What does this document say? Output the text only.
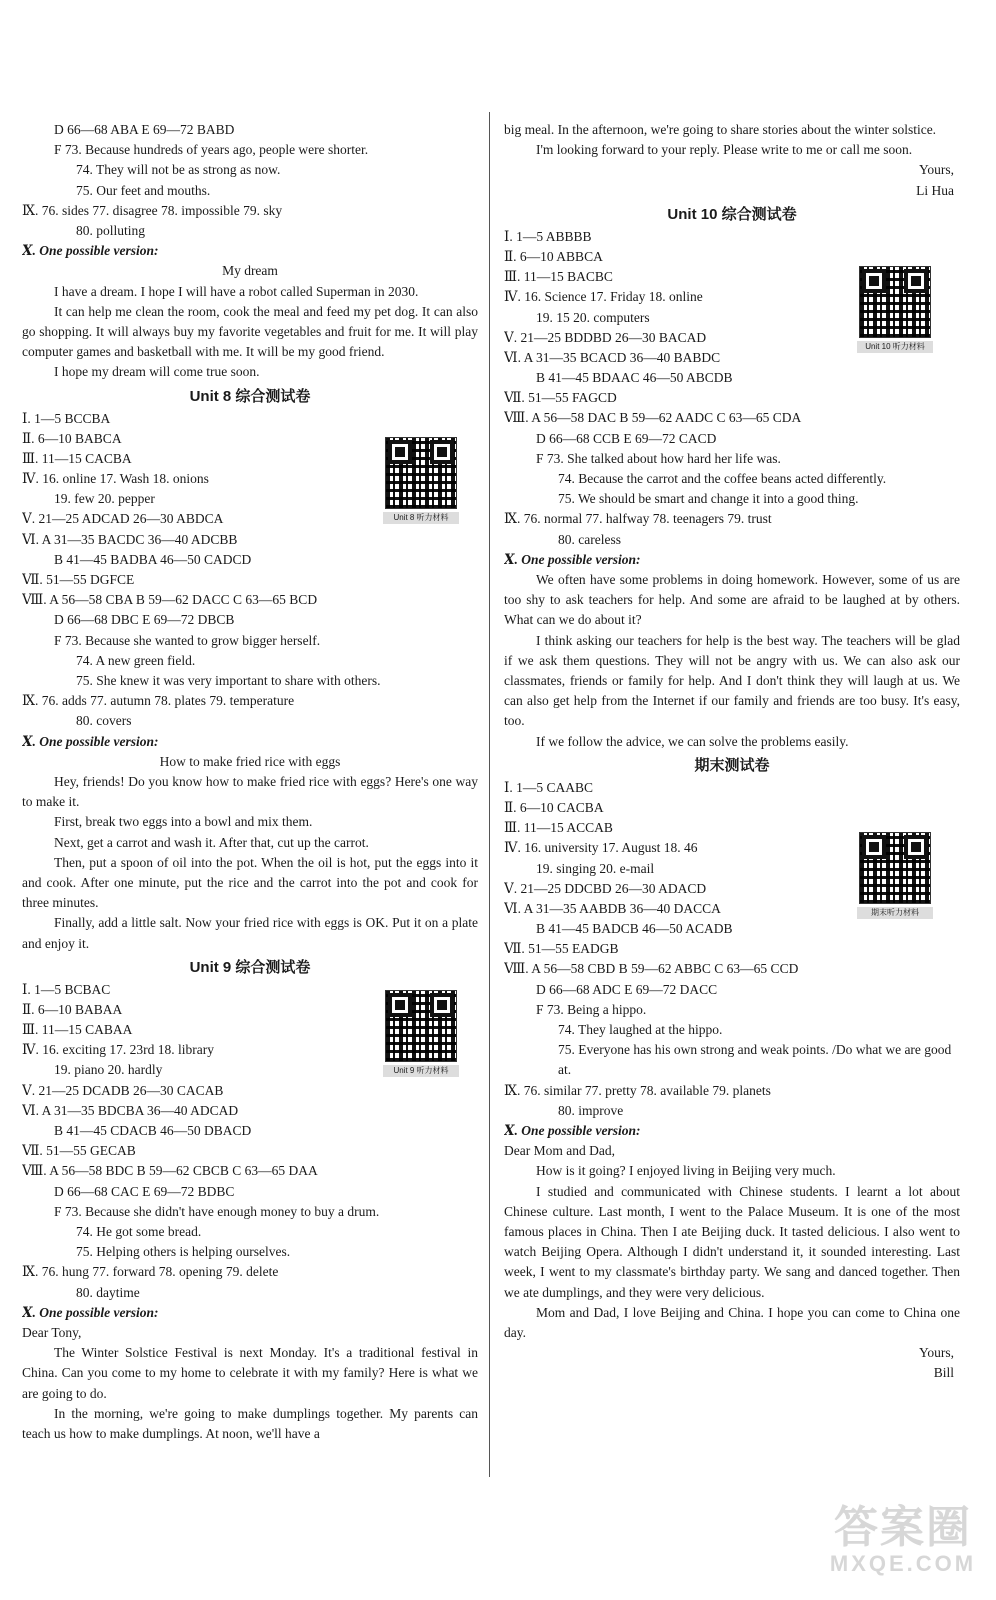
D 66—68 ABA E 69—72 BABD
F 73. Because hundreds of years ago, people were shorter.
74. They will not be as strong as now.
75. Our feet and mouths.
Ⅸ. 76. sides 77. disagree 78. impossible 79. sky
80. polluting
Ⅹ. One possible version:
My dream
I have a dream. I hope I will have a robot called Superman in 2030.
It can help me clean the room, cook the meal and feed my pet dog. It can also go shopping. It will always buy my favorite vegetables and fruit for me. It will play computer games and basketball with me. It will be my good friend.
I hope my dream will come true soon.
Unit 8 综合测试卷
Ⅰ. 1—5 BCCBA
Ⅱ. 6—10 BABCA
Ⅲ. 11—15 CACBA
Ⅳ. 16. online 17. Wash 18. onions
19. few 20. pepper
Ⅴ. 21—25 ADCAD 26—30 ABDCA
Ⅵ. A 31—35 BACDC 36—40 ADCBB
B 41—45 BADBA 46—50 CADCD
Ⅶ. 51—55 DGFCE
Ⅷ. A 56—58 CBA B 59—62 DACC C 63—65 BCD
D 66—68 DBC E 69—72 DBCB
F 73. Because she wanted to grow bigger herself.
74. A new green field.
75. She knew it was very important to share with others.
Ⅸ. 76. adds 77. autumn 78. plates 79. temperature
80. covers
Ⅹ. One possible version:
How to make fried rice with eggs
Hey, friends! Do you know how to make fried rice with eggs? Here's one way to make it.
First, break two eggs into a bowl and mix them.
Next, get a carrot and wash it. After that, cut up the carrot.
Then, put a spoon of oil into the pot. When the oil is hot, put the eggs into it and cook. After one minute, put the rice and the carrot into the pot and cook for three minutes.
Finally, add a little salt. Now your fried rice with eggs is OK. Put it on a plate and enjoy it.
Unit 9 综合测试卷
Ⅰ. 1—5 BCBAC
Ⅱ. 6—10 BABAA
Ⅲ. 11—15 CABAA
Ⅳ. 16. exciting 17. 23rd 18. library
19. piano 20. hardly
Ⅴ. 21—25 DCADB 26—30 CACAB
Ⅵ. A 31—35 BDCBA 36—40 ADCAD
B 41—45 CDACB 46—50 DBACD
Ⅶ. 51—55 GECAB
Ⅷ. A 56—58 BDC B 59—62 CBCB C 63—65 DAA
D 66—68 CAC E 69—72 BDBC
F 73. Because she didn't have enough money to buy a drum.
74. He got some bread.
75. Helping others is helping ourselves.
Ⅸ. 76. hung 77. forward 78. opening 79. delete
80. daytime
Ⅹ. One possible version:
Dear Tony,
The Winter Solstice Festival is next Monday. It's a traditional festival in China. Can you come to my home to celebrate it with my family? Here is what we are going to do.
In the morning, we're going to make dumplings together. My parents can teach us how to make dumplings. At noon, we'll have a
big meal. In the afternoon, we're going to share stories about the winter solstice.
I'm looking forward to your reply. Please write to me or call me soon.
Yours,
Li Hua
Unit 10 综合测试卷
Ⅰ. 1—5 ABBBB
Ⅱ. 6—10 ABBCA
Ⅲ. 11—15 BACBC
Ⅳ. 16. Science 17. Friday 18. online
19. 15 20. computers
Ⅴ. 21—25 BDDBD 26—30 BACAD
Ⅵ. A 31—35 BCACD 36—40 BABDC
B 41—45 BDAAC 46—50 ABCDB
Ⅶ. 51—55 FAGCD
Ⅷ. A 56—58 DAC B 59—62 AADC C 63—65 CDA
D 66—68 CCB E 69—72 CACD
F 73. She talked about how hard her life was.
74. Because the carrot and the coffee beans acted differently.
75. We should be smart and change it into a good thing.
Ⅸ. 76. normal 77. halfway 78. teenagers 79. trust
80. careless
Ⅹ. One possible version:
We often have some problems in doing homework. However, some of us are too shy to ask teachers for help. And some are afraid to be laughed at by others. What can we do about it?
I think asking our teachers for help is the best way. The teachers will be glad if we ask them questions. They will not be angry with us. We can also ask our classmates, friends or family for help. And I don't think they will laugh at us. We can also get help from the Internet if our family and friends are too busy. It's easy, too.
If we follow the advice, we can solve the problems easily.
期末测试卷
Ⅰ. 1—5 CAABC
Ⅱ. 6—10 CACBA
Ⅲ. 11—15 ACCAB
Ⅳ. 16. university 17. August 18. 46
19. singing 20. e-mail
Ⅴ. 21—25 DDCBD 26—30 ADACD
Ⅵ. A 31—35 AABDB 36—40 DACCA
B 41—45 BADCB 46—50 ACADB
Ⅶ. 51—55 EADGB
Ⅷ. A 56—58 CBD B 59—62 ABBC C 63—65 CCD
D 66—68 ADC E 69—72 DACC
F 73. Being a hippo.
74. They laughed at the hippo.
75. Everyone has his own strong and weak points. /Do what we are good at.
Ⅸ. 76. similar 77. pretty 78. available 79. planets
80. improve
Ⅹ. One possible version:
Dear Mom and Dad,
How is it going? I enjoyed living in Beijing very much.
I studied and communicated with Chinese students. I learnt a lot about Chinese culture. Last month, I went to the Palace Museum. It is one of the most famous places in China. Then I ate Beijing duck. It tasted delicious. I also went to watch Beijing Opera. Although I didn't understand it, it sounded interesting. Last week, I went to my classmate's birthday party. We sang and danced together. Then we ate dumplings, and they were very delicious.
Mom and Dad, I love Beijing and China. I hope you can come to China one day.
Yours,
Bill
Unit 8 听力材料
Unit 9 听力材料
Unit 10 听力材料
期末听力材料
答案圈
MXQE.COM
